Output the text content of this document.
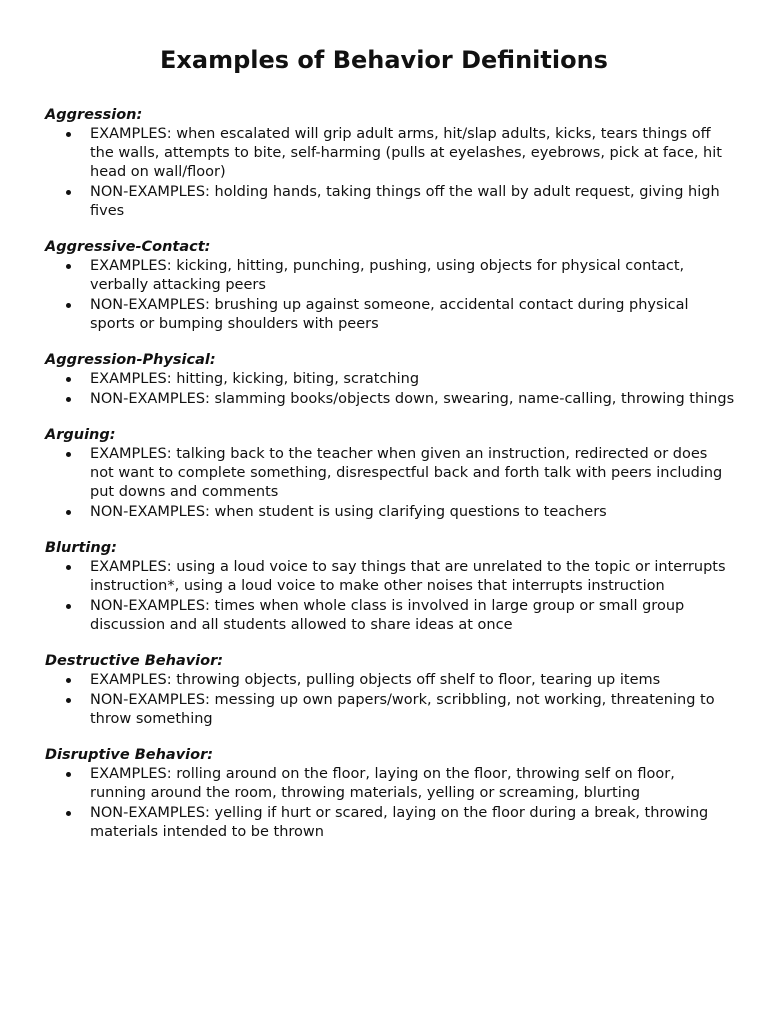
Examples of Behavior Definitions

Aggression:

EXAMPLES: when escalated will grip adult arms, hit/slap adults, kicks, tears things off the walls, attempts to bite, self-harming (pulls at eyelashes, eyebrows, pick at face, hit head on wall/floor)
NON-EXAMPLES: holding hands, taking things off the wall by adult request, giving high fives

Aggressive-Contact:

EXAMPLES: kicking, hitting, punching, pushing, using objects for physical contact, verbally attacking peers
NON-EXAMPLES: brushing up against someone, accidental contact during physical sports or bumping shoulders with peers

Aggression-Physical:

EXAMPLES: hitting, kicking, biting, scratching
NON-EXAMPLES: slamming books/objects down, swearing, name-calling, throwing things

Arguing:

EXAMPLES: talking back to the teacher when given an instruction, redirected or does not want to complete something, disrespectful back and forth talk with peers including put downs and comments
NON-EXAMPLES: when student is using clarifying questions to teachers

Blurting:

EXAMPLES: using a loud voice to say things that are unrelated to the topic or interrupts instruction*, using a loud voice to make other noises that interrupts instruction
NON-EXAMPLES: times when whole class is involved in large group or small group discussion and all students allowed to share ideas at once

Destructive Behavior:

EXAMPLES: throwing objects, pulling objects off shelf to floor, tearing up items
NON-EXAMPLES: messing up own papers/work, scribbling, not working, threatening to throw something

Disruptive Behavior:

EXAMPLES: rolling around on the floor, laying on the floor, throwing self on floor, running around the room, throwing materials, yelling or screaming, blurting
NON-EXAMPLES: yelling if hurt or scared, laying on the floor during a break, throwing materials intended to be thrown
